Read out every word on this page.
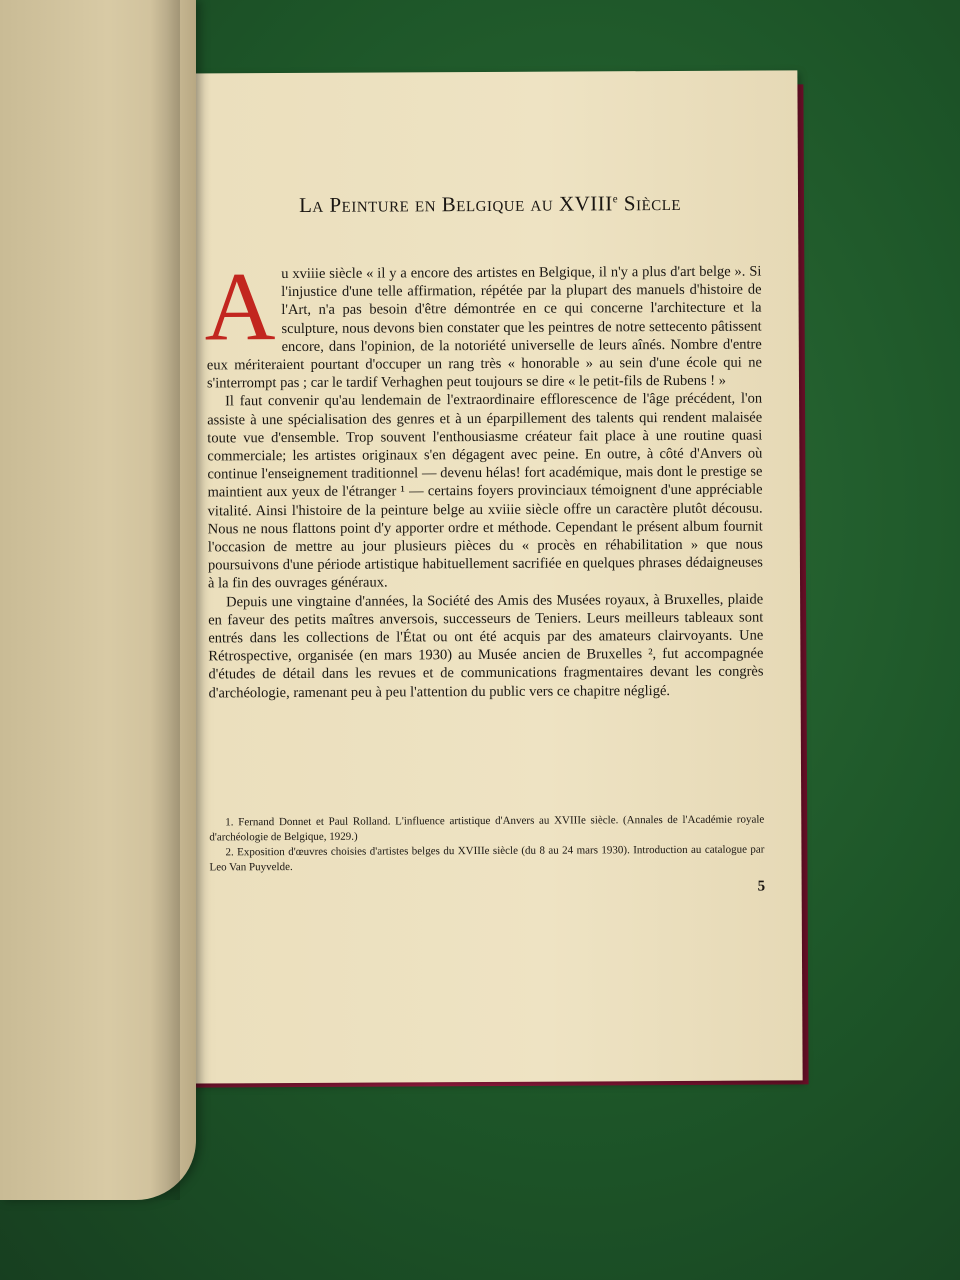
La Peinture en Belgique au XVIIIe Siècle

Au xviiie siècle « il y a encore des artistes en Belgique, il n'y a plus d'art belge ». Si l'injustice d'une telle affirmation, répétée par la plupart des manuels d'histoire de l'Art, n'a pas besoin d'être démontrée en ce qui concerne l'architecture et la sculpture, nous devons bien constater que les peintres de notre settecento pâtissent encore, dans l'opinion, de la notoriété universelle de leurs aînés. Nombre d'entre eux mériteraient pourtant d'occuper un rang très « honorable » au sein d'une école qui ne s'interrompt pas ; car le tardif Verhaghen peut toujours se dire « le petit-fils de Rubens ! »

Il faut convenir qu'au lendemain de l'extraordinaire efflorescence de l'âge précédent, l'on assiste à une spécialisation des genres et à un éparpillement des talents qui rendent malaisée toute vue d'ensemble. Trop souvent l'enthousiasme créateur fait place à une routine quasi commerciale; les artistes originaux s'en dégagent avec peine. En outre, à côté d'Anvers où continue l'enseignement traditionnel — devenu hélas! fort académique, mais dont le prestige se maintient aux yeux de l'étranger ¹ — certains foyers provinciaux témoignent d'une appréciable vitalité. Ainsi l'histoire de la peinture belge au xviiie siècle offre un caractère plutôt décousu. Nous ne nous flattons point d'y apporter ordre et méthode. Cependant le présent album fournit l'occasion de mettre au jour plusieurs pièces du « procès en réhabilitation » que nous poursuivons d'une période artistique habituellement sacrifiée en quelques phrases dédaigneuses à la fin des ouvrages généraux.

Depuis une vingtaine d'années, la Société des Amis des Musées royaux, à Bruxelles, plaide en faveur des petits maîtres anversois, successeurs de Teniers. Leurs meilleurs tableaux sont entrés dans les collections de l'État ou ont été acquis par des amateurs clairvoyants. Une Rétrospective, organisée (en mars 1930) au Musée ancien de Bruxelles ², fut accompagnée d'études de détail dans les revues et de communications fragmentaires devant les congrès d'archéologie, ramenant peu à peu l'attention du public vers ce chapitre négligé.

1. Fernand Donnet et Paul Rolland. L'influence artistique d'Anvers au XVIIIe siècle. (Annales de l'Académie royale d'archéologie de Belgique, 1929.)

2. Exposition d'œuvres choisies d'artistes belges du XVIIIe siècle (du 8 au 24 mars 1930). Introduction au catalogue par Leo Van Puyvelde.

5
